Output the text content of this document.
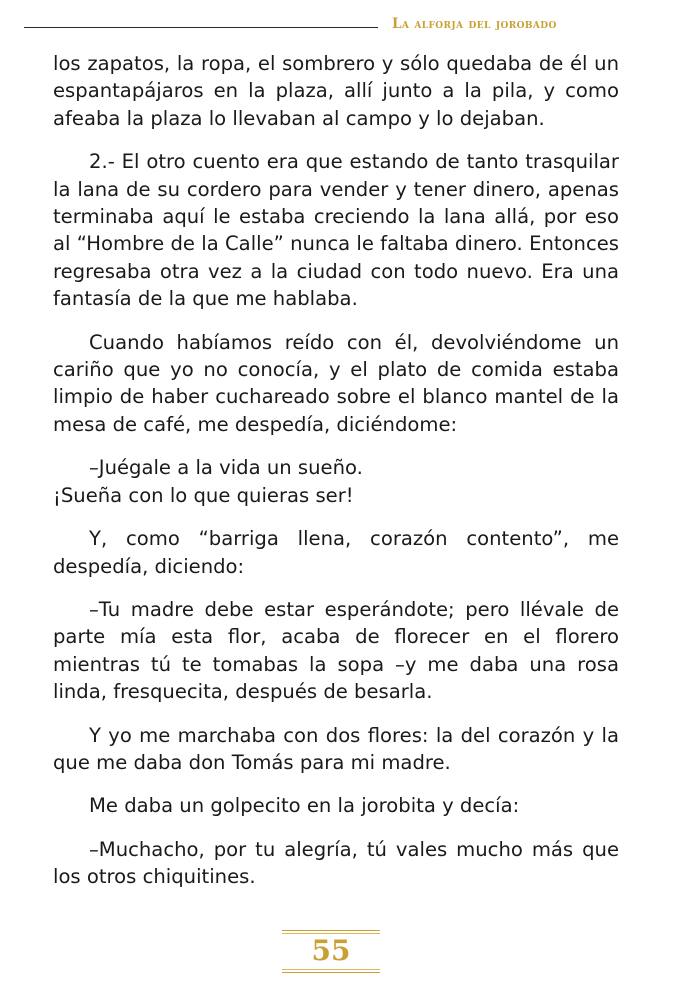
La alforja del jorobado

los zapatos, la ropa, el sombrero y sólo quedaba de él un espantapájaros en la plaza, allí junto a la pila, y como afeaba la plaza lo llevaban al campo y lo dejaban.

2.- El otro cuento era que estando de tanto trasquilar la lana de su cordero para vender y tener dinero, apenas terminaba aquí le estaba creciendo la lana allá, por eso al “Hombre de la Calle” nunca le faltaba dinero. Entonces regresaba otra vez a la ciudad con todo nuevo. Era una fantasía de la que me hablaba.

Cuando habíamos reído con él, devolviéndome un cariño que yo no conocía, y el plato de comida estaba limpio de haber cuchareado sobre el blanco mantel de la mesa de café, me despedía, diciéndome:

–Juégale a la vida un sueño.

¡Sueña con lo que quieras ser!

Y, como “barriga llena, corazón contento”, me despedía, diciendo:

–Tu madre debe estar esperándote; pero llévale de parte mía esta flor, acaba de florecer en el florero mientras tú te tomabas la sopa –y me daba una rosa linda, fresquecita, después de besarla.

Y yo me marchaba con dos flores: la del corazón y la que me daba don Tomás para mi madre.

Me daba un golpecito en la jorobita y decía:

–Muchacho, por tu alegría, tú vales mucho más que los otros chiquitines.

55
